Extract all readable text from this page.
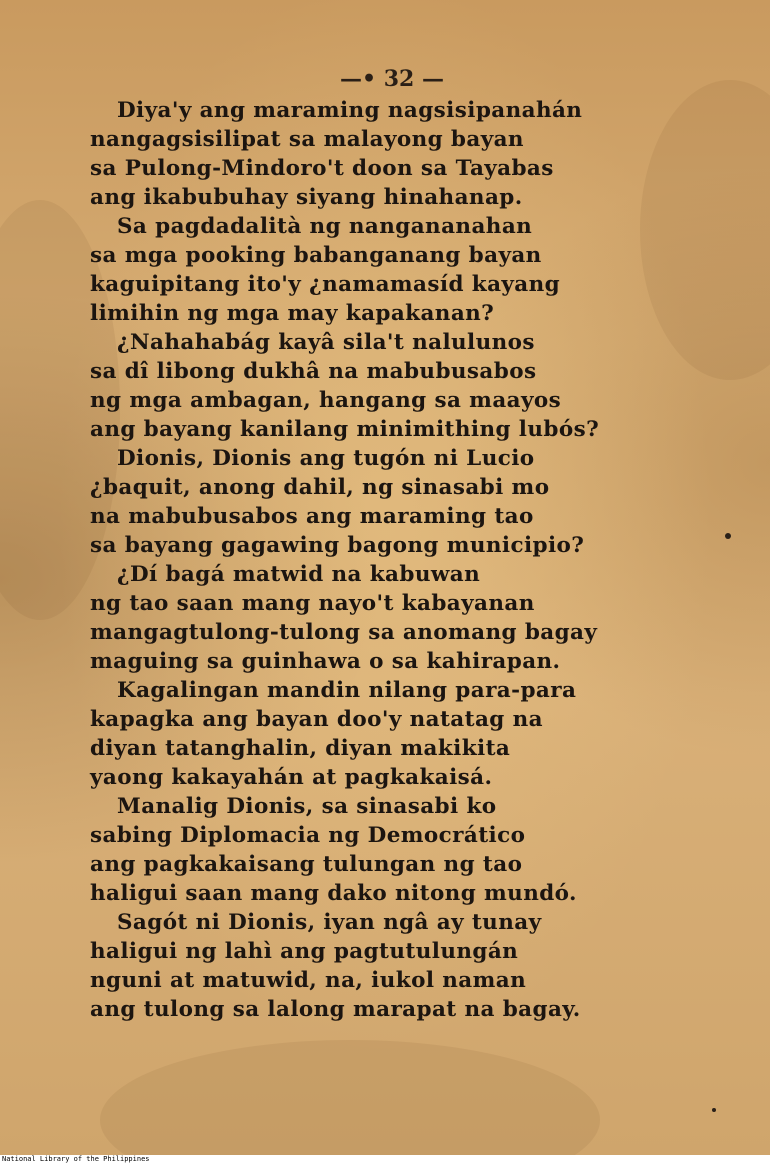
—• 32 —
Diya'y ang maraming nagsisipanahán
nangagsisilipat sa malayong bayan
sa Pulong-Mindoro't doon sa Tayabas
ang ikabubuhay siyang hinahanap.
Sa pagdadalità ng nangananahan
sa mga pooking babanganang bayan
kaguipitang ito'y ¿namamasíd kayang
limihin ng mga may kapakanan?
¿Nahahabág kayâ sila't nalulunos
sa dî libong dukhâ na mabubusabos
ng mga ambagan, hangang sa maayos
ang bayang kanilang minimithing lubós?
Dionis, Dionis ang tugón ni Lucio
¿baquit, anong dahil, ng sinasabi mo
na mabubusabos ang maraming tao
sa bayang gagawing bagong municipio?
¿Dí bagá matwid na kabuwan
ng tao saan mang nayo't kabayanan
mangagtulong-tulong sa anomang bagay
maguing sa guinhawa o sa kahirapan.
Kagalingan mandin nilang para-para
kapagka ang bayan doo'y natatag na
diyan tatanghalin, diyan makikita
yaong kakayahán at pagkakaisá.
Manalig Dionis, sa sinasabi ko
sabing Diplomacia ng Democrático
ang pagkakaisang tulungan ng tao
haligui saan mang dako nitong mundó.
Sagót ni Dionis, iyan ngâ ay tunay
haligui ng lahì ang pagtutulungán
nguni at matuwid, na, iukol naman
ang tulong sa lalong marapat na bagay.
National Library of the Philippines
